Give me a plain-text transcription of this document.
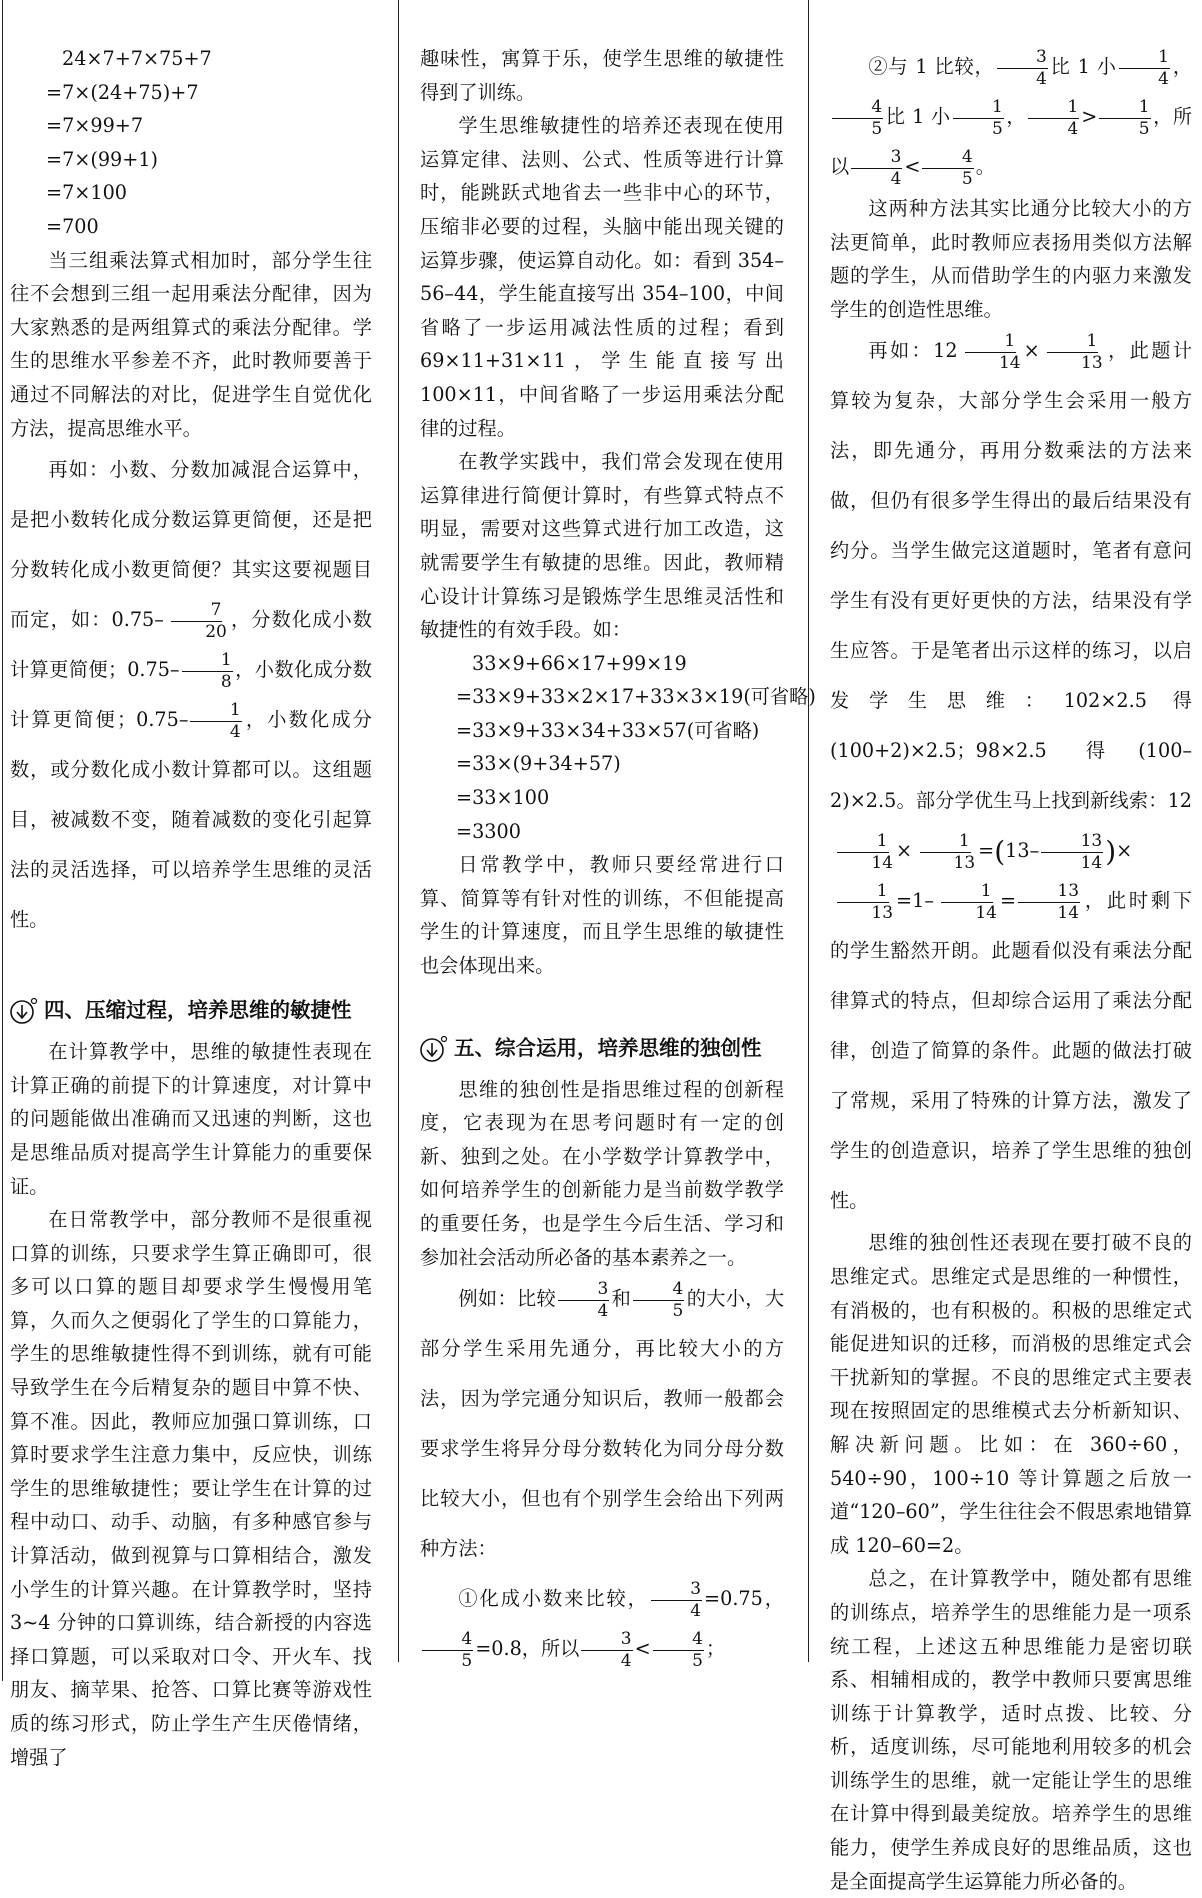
24×7+7×75+7
=7×(24+75)+7
=7×99+7
=7×(99+1)
=7×100
=700

当三组乘法算式相加时，部分学生往往不会想到三组一起用乘法分配律，因为大家熟悉的是两组算式的乘法分配律。学生的思维水平参差不齐，此时教师要善于通过不同解法的对比，促进学生自觉优化方法，提高思维水平。

再如：小数、分数加减混合运算中，是把小数转化成分数运算更简便，还是把分数转化成小数更简便？其实这要视题目而定，如：$0.75- \frac{7}{20}$ ，分数化成小数计算更简便；$0.75- \frac{1}{8}$ ，小数化成分数计算更简便；$0.75- \frac{1}{4}$ ，小数化成分数，或分数化成小数计算都可以。这组题目，被减数不变，随着减数的变化引起算法的灵活选择，可以培养学生思维的灵活性。

四、压缩过程，培养思维的敏捷性

在计算教学中，思维的敏捷性表现在计算正确的前提下的计算速度，对计算中的问题能做出准确而又迅速的判断，这也是思维品质对提高学生计算能力的重要保证。

在日常教学中，部分教师不是很重视口算的训练，只要求学生算正确即可，很多可以口算的题目却要求学生慢慢用笔算，久而久之便弱化了学生的口算能力，学生的思维敏捷性得不到训练，就有可能导致学生在今后精复杂的题目中算不快、算不准。因此，教师应加强口算训练，口算时要求学生注意力集中，反应快，训练学生的思维敏捷性；要让学生在计算的过程中动口、动手、动脑，有多种感官参与计算活动，做到视算与口算相结合，激发小学生的计算兴趣。在计算教学时，坚持 3~4 分钟的口算训练，结合新授的内容选择口算题，可以采取对口令、开火车、找朋友、摘苹果、抢答、口算比赛等游戏性质的练习形式，防止学生产生厌倦情绪，增强了

趣味性，寓算于乐，使学生思维的敏捷性得到了训练。

学生思维敏捷性的培养还表现在使用运算定律、法则、公式、性质等进行计算时，能跳跃式地省去一些非中心的环节，压缩非必要的过程，头脑中能出现关键的运算步骤，使运算自动化。如：看到 354–56–44，学生能直接写出 354–100，中间省略了一步运用减法性质的过程；看到 69×11+31×11，学生能直接写出 100×11，中间省略了一步运用乘法分配律的过程。

在教学实践中，我们常会发现在使用运算律进行简便计算时，有些算式特点不明显，需要对这些算式进行加工改造，这就需要学生有敏捷的思维。因此，教师精心设计计算练习是锻炼学生思维灵活性和敏捷性的有效手段。如：

33×9+66×17+99×19
=33×9+33×2×17+33×3×19(可省略)
=33×9+33×34+33×57(可省略)
=33×(9+34+57)
=33×100
=3300

日常教学中，教师只要经常进行口算、简算等有针对性的训练，不但能提高学生的计算速度，而且学生思维的敏捷性也会体现出来。

五、综合运用，培养思维的独创性

思维的独创性是指思维过程的创新程度，它表现为在思考问题时有一定的创新、独到之处。在小学数学计算教学中，如何培养学生的创新能力是当前数学教学的重要任务，也是学生今后生活、学习和参加社会活动所必备的基本素养之一。

例如：比较 $\frac{3}{4}$ 和 $\frac{4}{5}$ 的大小，大部分学生采用先通分，再比较大小的方法，因为学完通分知识后，教师一般都会要求学生将异分母分数转化为同分母分数比较大小，但也有个别学生会给出下列两种方法：

①化成小数来比较， $\frac{3}{4} =0.75$，
$\frac{4}{5} =0.8$，所以 $\frac{3}{4} < \frac{4}{5}$ ；

②与 1 比较， $\frac{3}{4}$ 比 1 小 $\frac{1}{4}$ ，
$\frac{4}{5}$ 比 1 小 $\frac{1}{5}$ ， $\frac{1}{4} > \frac{1}{5}$ ，所以 $\frac{3}{4} < \frac{4}{5}$ 。

这两种方法其实比通分比较大小的方法更简单，此时教师应表扬用类似方法解题的学生，从而借助学生的内驱力来激发学生的创造性思维。

再如：$12 \frac{1}{14} \times \frac{1}{13}$ ，此题计算较为复杂，大部分学生会采用一般方法，即先通分，再用分数乘法的方法来做，但仍有很多学生得出的最后结果没有约分。当学生做完这道题时，笔者有意问学生有没有更好更快的方法，结果没有学生应答。于是笔者出示这样的练习，以启发学生思维：102×2.5 得 (100+2)×2.5；98×2.5 得(100–2)×2.5。部分学优生马上找到新线索：12
$\frac{1}{14} \times \frac{1}{13} =(13- \frac{13}{14}$ )×
$\frac{1}{13} =1- \frac{1}{14} = \frac{13}{14}$ ，此时剩下的学生豁然开朗。此题看似没有乘法分配律算式的特点，但却综合运用了乘法分配律，创造了简算的条件。此题的做法打破了常规，采用了特殊的计算方法，激发了学生的创造意识，培养了学生思维的独创性。

思维的独创性还表现在要打破不良的思维定式。思维定式是思维的一种惯性，有消极的，也有积极的。积极的思维定式能促进知识的迁移，而消极的思维定式会干扰新知的掌握。不良的思维定式主要表现在按照固定的思维模式去分析新知识、解决新问题。比如：在 360÷60，540÷90，100÷10 等计算题之后放一道“120–60”，学生往往会不假思索地错算成 120–60=2。

总之，在计算教学中，随处都有思维的训练点，培养学生的思维能力是一项系统工程，上述这五种思维能力是密切联系、相辅相成的，教学中教师只要寓思维训练于计算教学，适时点拨、比较、分析，适度训练，尽可能地利用较多的机会训练学生的思维，就一定能让学生的思维在计算中得到最美绽放。培养学生的思维能力，使学生养成良好的思维品质，这也是全面提高学生运算能力所必备的。
